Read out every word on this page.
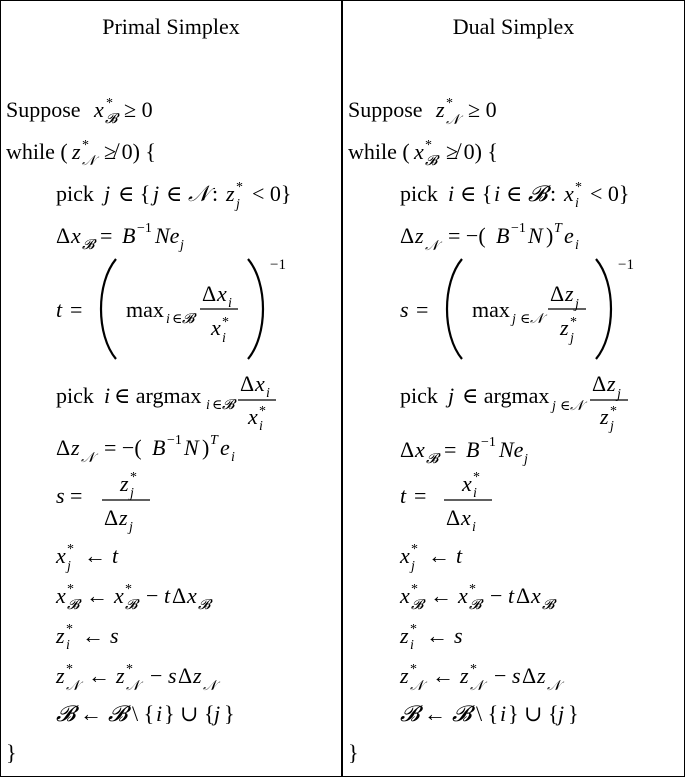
Primal Simplex
Suppose x *
𝓑 ≥ 0
while ( z *
𝒩 ≱ 0) {
pick j ∈ { j ∈ 𝒩 : z *
j < 0}
Δ x 𝓑 = B −1 Ne j
t = max i ∈ 𝓑
Δ x i
x *
i
−1
pick i ∈ argmax i ∈ 𝓑
Δ x i
x *
i
Δ z 𝒩 = −( B −1 N ) T e i
s = z *
j
Δ z j
x *
j ← t
x *
𝓑 ← x *
𝓑 − t Δ x 𝓑
z *
i ← s
z *
𝒩 ← z *
𝒩 − s Δ z 𝒩
𝓑 ← 𝓑 \ { i } ∪ { j }
}
Dual Simplex
Suppose z *
𝒩 ≥ 0
while ( x *
𝓑 ≱ 0) {
pick i ∈ { i ∈ 𝓑 : x *
i < 0}
Δ z 𝒩 = −( B −1 N ) T e i
s = max j ∈ 𝒩
Δ z j
z *
j
−1
pick j ∈ argmax j ∈ 𝒩
Δ z j
z *
j
Δ x 𝓑 = B −1 Ne j
t = x *
i
Δ x i
x *
j ← t
x *
𝓑 ← x *
𝓑 − t Δ x 𝓑
z *
i ← s
z *
𝒩 ← z *
𝒩 − s Δ z 𝒩
𝓑 ← 𝓑 \ { i } ∪ { j }
}
